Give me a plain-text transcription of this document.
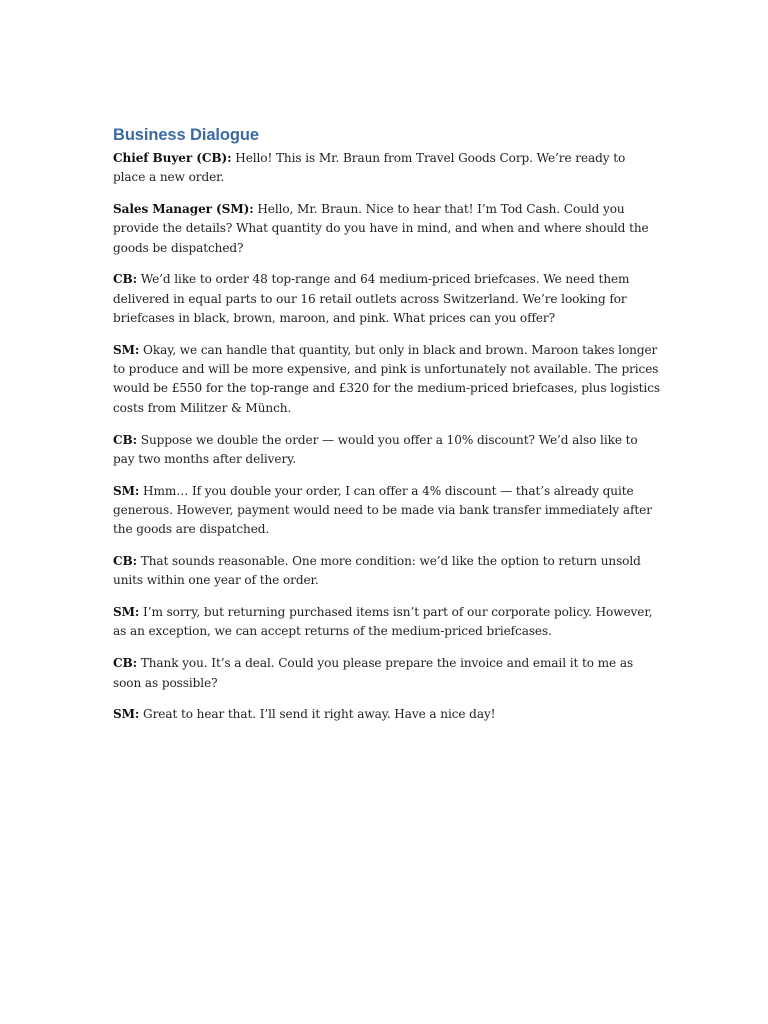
Business Dialogue

Chief Buyer (CB): Hello! This is Mr. Braun from Travel Goods Corp. We’re ready to place a new order.

Sales Manager (SM): Hello, Mr. Braun. Nice to hear that! I’m Tod Cash. Could you provide the details? What quantity do you have in mind, and when and where should the goods be dispatched?

CB: We’d like to order 48 top-range and 64 medium-priced briefcases. We need them delivered in equal parts to our 16 retail outlets across Switzerland. We’re looking for briefcases in black, brown, maroon, and pink. What prices can you offer?

SM: Okay, we can handle that quantity, but only in black and brown. Maroon takes longer to produce and will be more expensive, and pink is unfortunately not available. The prices would be £550 for the top-range and £320 for the medium-priced briefcases, plus logistics costs from Militzer & Münch.

CB: Suppose we double the order — would you offer a 10% discount? We’d also like to pay two months after delivery.

SM: Hmm… If you double your order, I can offer a 4% discount — that’s already quite generous. However, payment would need to be made via bank transfer immediately after the goods are dispatched.

CB: That sounds reasonable. One more condition: we’d like the option to return unsold units within one year of the order.

SM: I’m sorry, but returning purchased items isn’t part of our corporate policy. However, as an exception, we can accept returns of the medium-priced briefcases.

CB: Thank you. It’s a deal. Could you please prepare the invoice and email it to me as soon as possible?

SM: Great to hear that. I’ll send it right away. Have a nice day!
